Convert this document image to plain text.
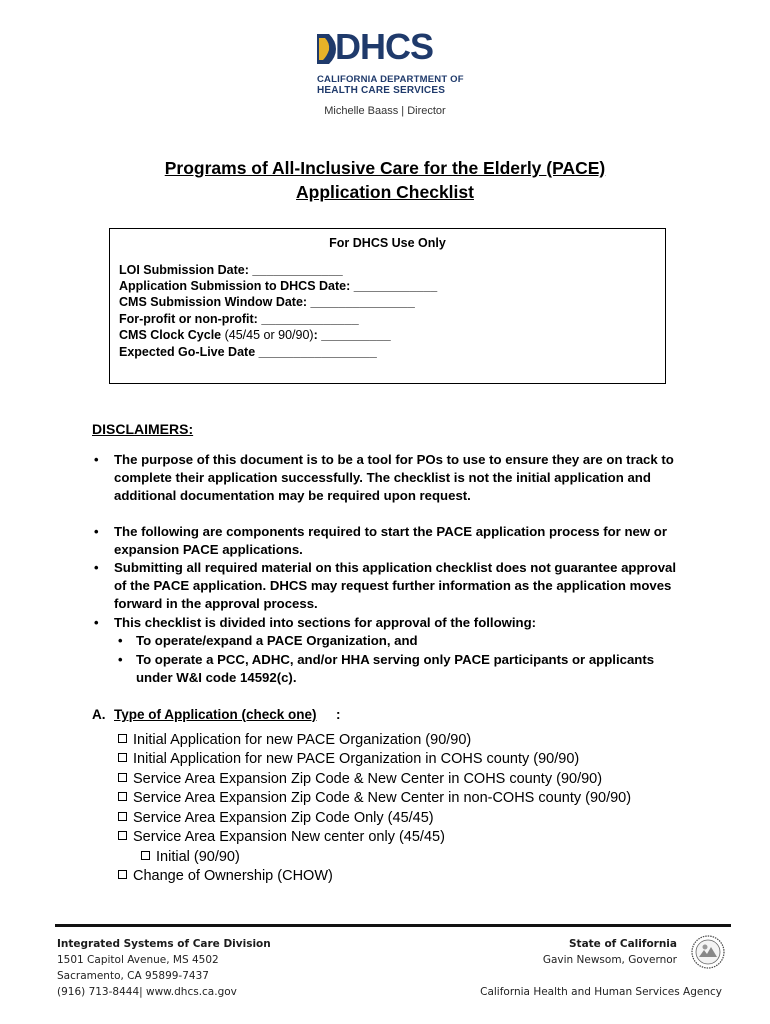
DHCS
CALIFORNIA DEPARTMENT OF
HEALTH CARE SERVICES
Michelle Baass | Director
Programs of All-Inclusive Care for the Elderly (PACE)
Application Checklist
For DHCS Use Only
LOI Submission Date: _____________
Application Submission to DHCS Date: ____________
CMS Submission Window Date: _______________
For-profit or non-profit: ______________
CMS Clock Cycle (45/45 or 90/90): __________
Expected Go-Live Date _________________
DISCLAIMERS:
• The purpose of this document is to be a tool for POs to use to ensure they are on track to complete their application successfully. The checklist is not the initial application and additional documentation may be required upon request.
• The following are components required to start the PACE application process for new or expansion PACE applications.
• Submitting all required material on this application checklist does not guarantee approval of the PACE application. DHCS may request further information as the application moves forward in the approval process.
• This checklist is divided into sections for approval of the following:
• To operate/expand a PACE Organization, and
• To operate a PCC, ADHC, and/or HHA serving only PACE participants or applicants under W&I code 14592(c).
A. Type of Application (check one) :
Initial Application for new PACE Organization (90/90)
Initial Application for new PACE Organization in COHS county (90/90)
Service Area Expansion Zip Code & New Center in COHS county (90/90)
Service Area Expansion Zip Code & New Center in non-COHS county (90/90)
Service Area Expansion Zip Code Only (45/45)
Service Area Expansion New center only (45/45)
Initial (90/90)
Change of Ownership (CHOW)
Integrated Systems of Care Division
1501 Capitol Avenue, MS 4502
Sacramento, CA 95899-7437
(916) 713-8444| www.dhcs.ca.gov
State of California
Gavin Newsom, Governor
California Health and Human Services Agency
